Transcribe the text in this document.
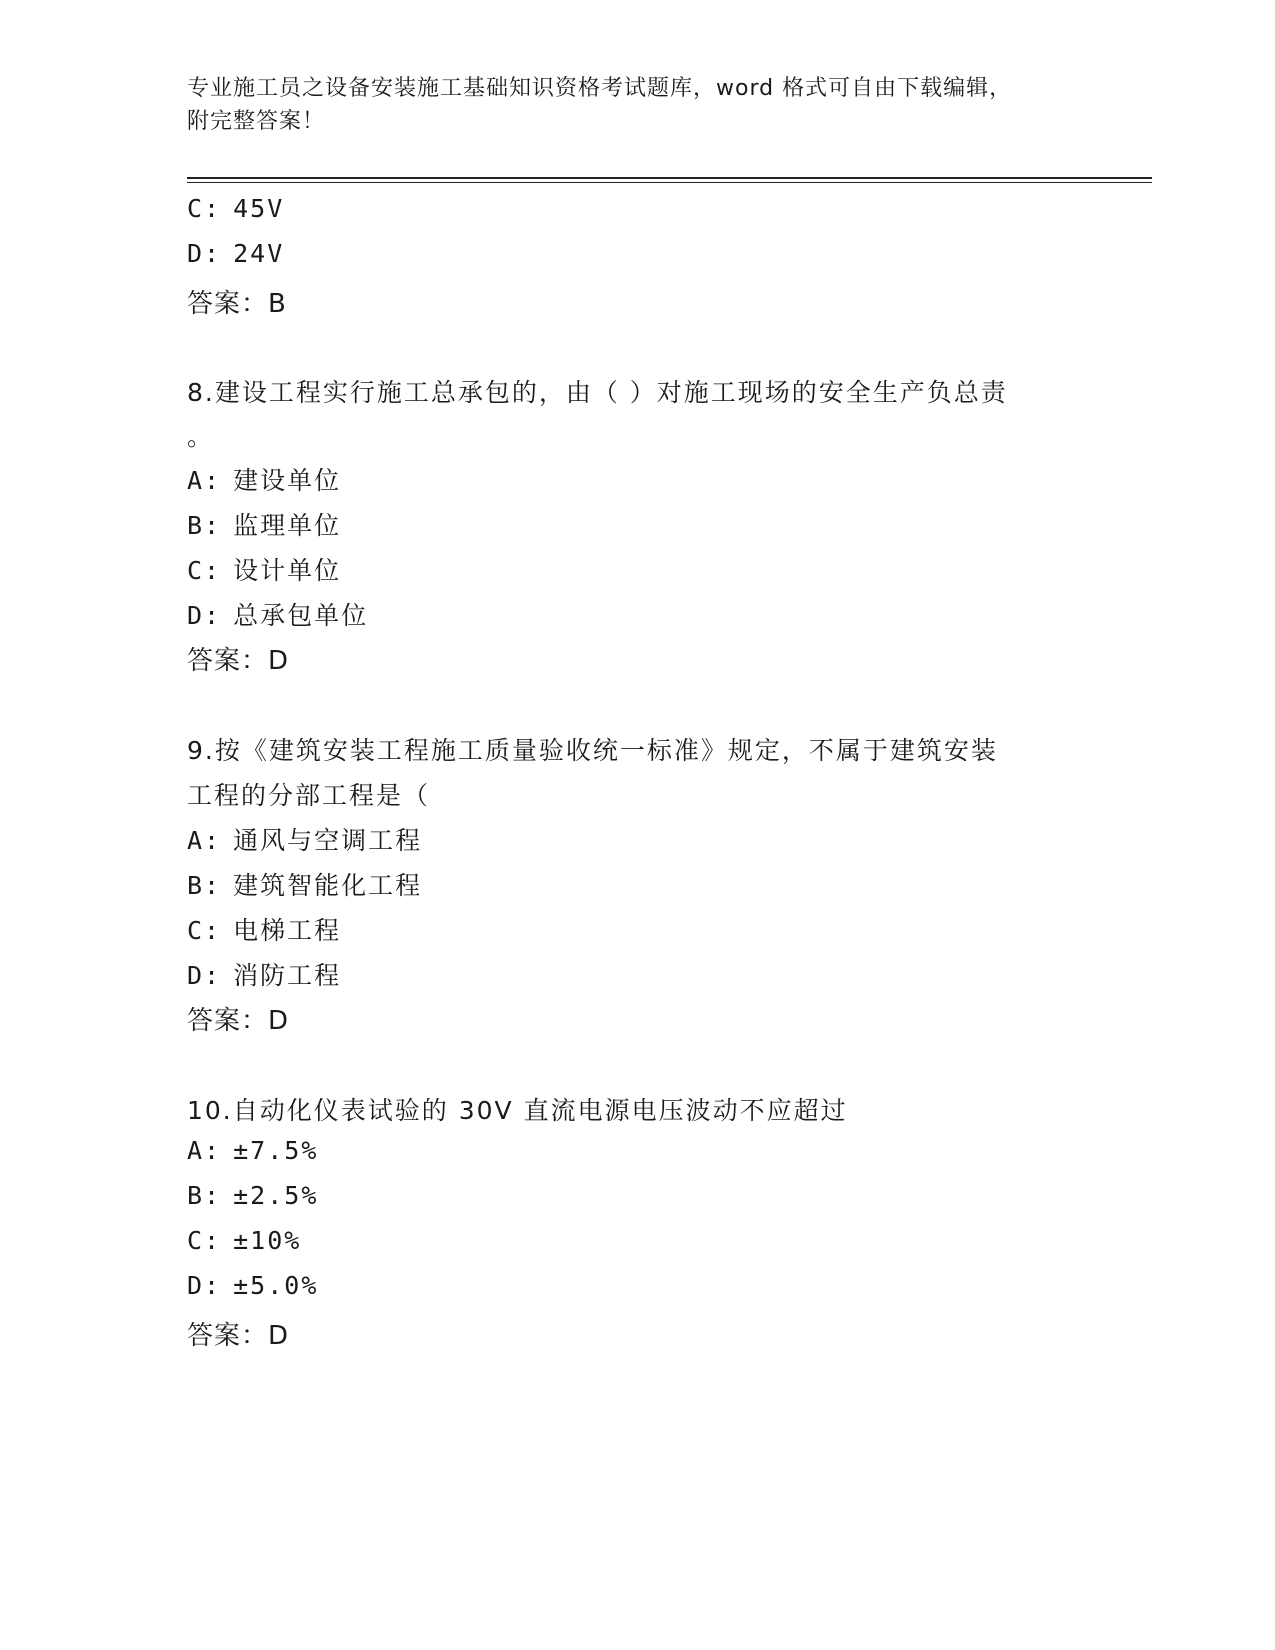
专业施工员之设备安装施工基础知识资格考试题库，word 格式可自由下载编辑，
附完整答案！
C: 45V
D: 24V
答案：B
8.建设工程实行施工总承包的，由（ ）对施工现场的安全生产负总责
。
A: 建设单位
B: 监理单位
C: 设计单位
D: 总承包单位
答案：D
9.按《建筑安装工程施工质量验收统一标准》规定，不属于建筑安装
工程的分部工程是（
A: 通风与空调工程
B: 建筑智能化工程
C: 电梯工程
D: 消防工程
答案：D
10.自动化仪表试验的 30V 直流电源电压波动不应超过
A: ±7.5%
B: ±2.5%
C: ±10%
D: ±5.0%
答案：D
